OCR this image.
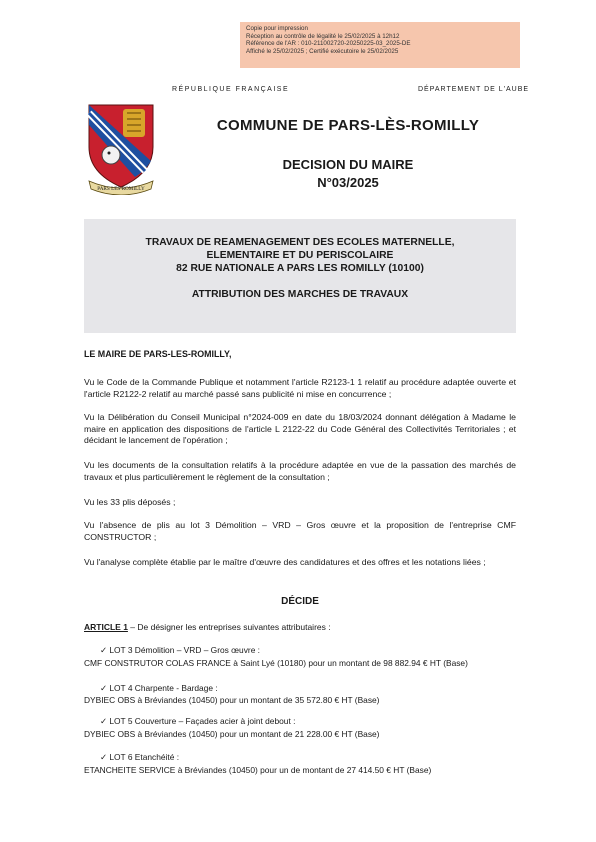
Copie pour impression
Réception au contrôle de légalité le 25/02/2025 à 12h12
Référence de l'AR : 010-211002720-20250225-03_2025-DE
Affiché le 25/02/2025 ; Certifié exécutoire le 25/02/2025
RÉPUBLIQUE FRANÇAISE	DÉPARTEMENT DE L'AUBE
PARS LES ROMILLY
COMMUNE DE PARS-LÈS-ROMILLY
DECISION DU MAIRE
N°03/2025
TRAVAUX DE REAMENAGEMENT DES ECOLES MATERNELLE,
ELEMENTAIRE ET DU PERISCOLAIRE
82 RUE NATIONALE A PARS LES ROMILLY (10100)
ATTRIBUTION DES MARCHES DE TRAVAUX
LE MAIRE DE PARS-LES-ROMILLY,
Vu le Code de la Commande Publique et notamment l'article R2123-1 1 relatif au procédure adaptée ouverte et l'article R2122-2 relatif au marché passé sans publicité ni mise en concurrence ;
Vu la Délibération du Conseil Municipal n°2024-009 en date du 18/03/2024 donnant délégation à Madame le maire en application des dispositions de l'article L 2122-22 du Code Général des Collectivités Territoriales ; et décidant le lancement de l'opération ;
Vu les documents de la consultation relatifs à la procédure adaptée en vue de la passation des marchés de travaux et plus particulièrement le règlement de la consultation ;
Vu les 33 plis déposés ;
Vu l'absence de plis au lot 3 Démolition – VRD – Gros œuvre et la proposition de l'entreprise CMF CONSTRUCTOR ;
Vu l'analyse complète établie par le maître d'œuvre des candidatures et des offres et les notations liées ;
DÉCIDE
ARTICLE 1 – De désigner les entreprises suivantes attributaires :
✓ LOT 3 Démolition – VRD – Gros œuvre :
CMF CONSTRUTOR COLAS FRANCE à Saint Lyé (10180) pour un montant de 98 882.94 € HT (Base)
✓ LOT 4 Charpente - Bardage :
DYBIEC OBS à Bréviandes (10450) pour un montant de 35 572.80 € HT (Base)
✓ LOT 5 Couverture – Façades acier à joint debout :
DYBIEC OBS à Bréviandes (10450) pour un montant de 21 228.00 € HT (Base)
✓ LOT 6 Etanchéité :
ETANCHEITE SERVICE à Bréviandes (10450) pour un de montant de 27 414.50 € HT (Base)
